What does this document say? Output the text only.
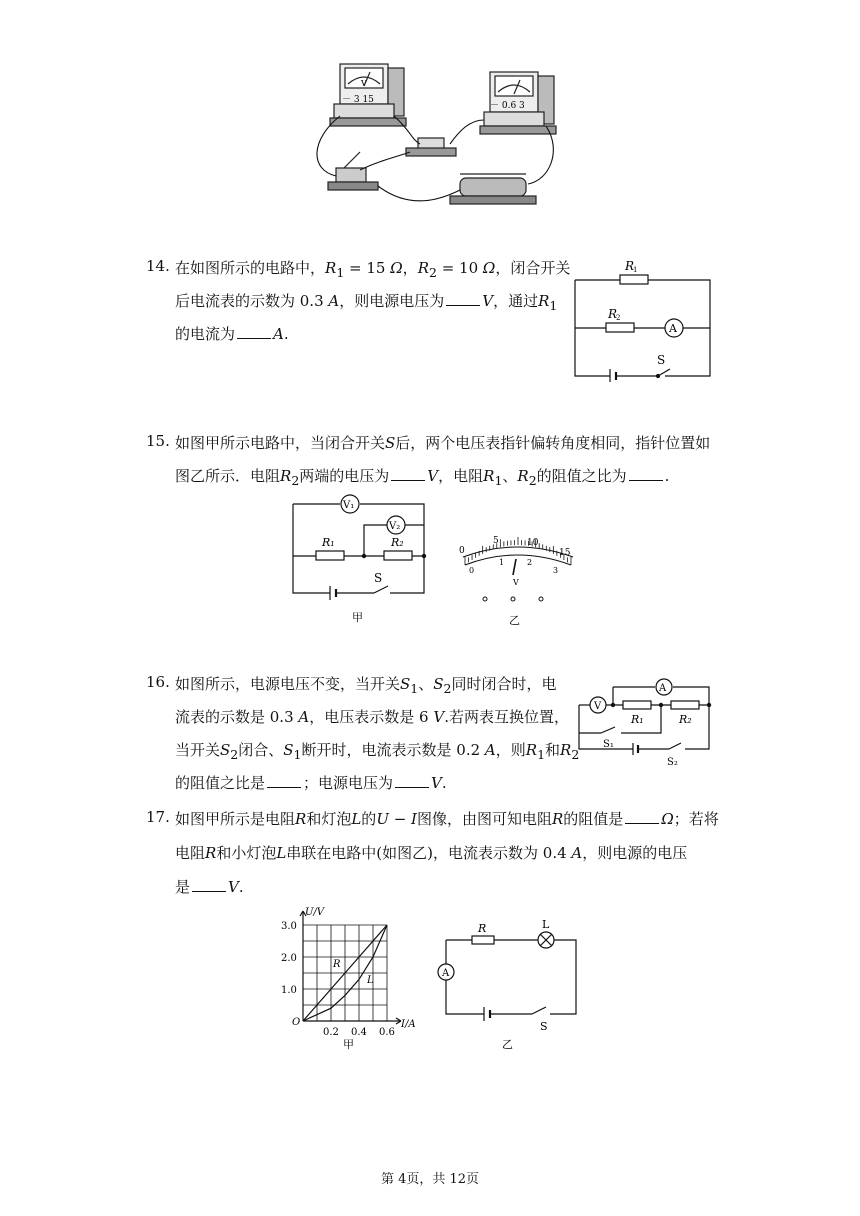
V
－ 3 15
－ 0.6 3
14. 在如图所示的电路中，$R_1 = 15$ Ω，$R_2 = 10$ Ω，闭合开关
后电流表的示数为 0.3 A，则电源电压为	V，通过$R_1$
的电流为	A.
R
1
R
2
A
S
15. 如图甲所示电路中，当闭合开关S后，两个电压表指针偏转角度相同，指针位置如
图乙所示．电阻$R_2$两端的电压为	V，电阻$R_1$、$R_2$的阻值之比为	.
V₁
V₂
R₁	R₂
S
甲
0
5	10
15
0
1	2
3
V
乙
16. 如图所示，电源电压不变，当开关$S_1$、$S_2$同时闭合时，电
流表的示数是 0.3 A，电压表示数是 6 V.若两表互换位置，
当开关$S_2$闭合、$S_1$断开时，电流表示数是 0.2 A，则$R_1$和$R_2$
的阻值之比是	；电源电压为	V.
A
V
R₁	R₂
S₁
S₂
17. 如图甲所示是电阻R和灯泡L的U − I图像，由图可知电阻R的阻值是	Ω；若将
电阻R和小灯泡L串联在电路中(如图乙)，电流表示数为 0.4 A，则电源的电压
是	V.
1.0
2.0
3.0
0.2 0.4 0.6
U/V
I/A
O
R
L
甲
R	L
A
S
乙
第 4页，共 12页
